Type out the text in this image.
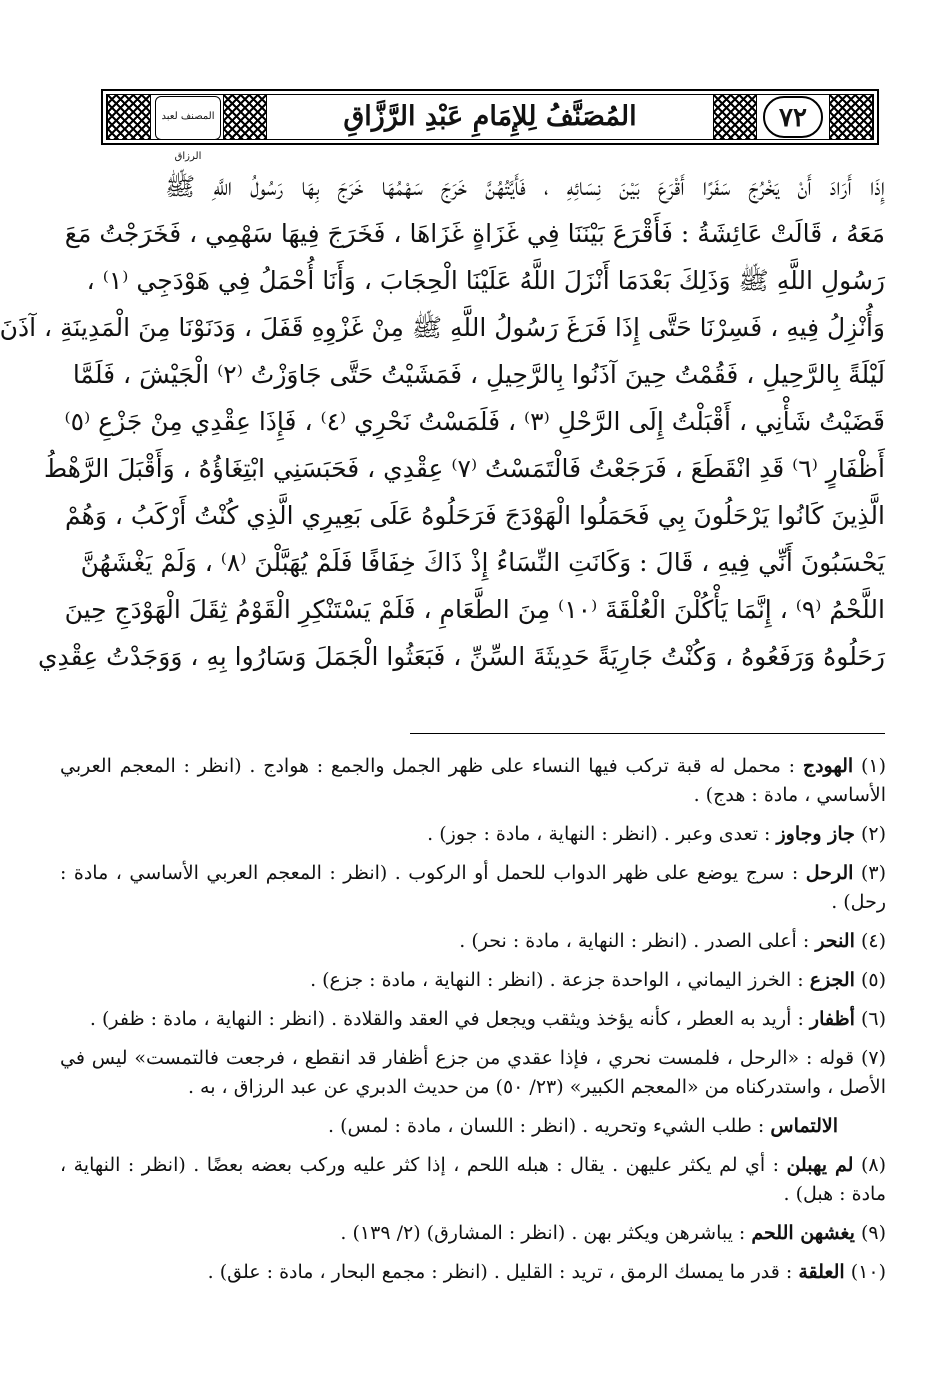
المصنف لعبد الرزاق
المُصَنَّفُ لِلإِمَامِ عَبْدِ الرَّزَّاقِ	٧٢
إِذَا أَرَادَ أَنْ يَخْرُجَ سَفَرًا أَقْرَعَ بَيْنَ نِسَائِهِ ، فَأَيَّتُهُنَّ خَرَجَ سَهْمُهَا خَرَجَ بِهَا رَسُولُ اللَّهِ ﷺ
مَعَهُ ، قَالَتْ عَائِشَةُ : فَأَقْرَعَ بَيْنَنَا فِي غَزَاةٍ غَزَاهَا ، فَخَرَجَ فِيهَا سَهْمِي ، فَخَرَجْتُ مَعَ
رَسُولِ اللَّهِ ﷺ وَذَلِكَ بَعْدَمَا أَنْزَلَ اللَّهُ عَلَيْنَا الْحِجَابَ ، وَأَنَا أُحْمَلُ فِي هَوْدَجِي ⁽١⁾ ،
وَأُنْزِلُ فِيهِ ، فَسِرْنَا حَتَّى إِذَا فَرَغَ رَسُولُ اللَّهِ ﷺ مِنْ غَزْوِهِ قَفَلَ ، وَدَنَوْنَا مِنَ الْمَدِينَةِ ، آذَنَ
لَيْلَةً بِالرَّحِيلِ ، فَقُمْتُ حِينَ آذَنُوا بِالرَّحِيلِ ، فَمَشَيْتُ حَتَّى جَاوَزْتُ ⁽٢⁾ الْجَيْشَ ، فَلَمَّا
قَضَيْتُ شَأْنِي ، أَقْبَلْتُ إِلَى الرَّحْلِ ⁽٣⁾ ، فَلَمَسْتُ نَحْرِي ⁽٤⁾ ، فَإِذَا عِقْدِي مِنْ جَزْعِ ⁽٥⁾
أَظْفَارٍ ⁽٦⁾ قَدِ انْقَطَعَ ، فَرَجَعْتُ فَالْتَمَسْتُ ⁽٧⁾ عِقْدِي ، فَحَبَسَنِي ابْتِغَاؤُهُ ، وَأَقْبَلَ الرَّهْطُ
الَّذِينَ كَانُوا يَرْحَلُونَ بِي فَحَمَلُوا الْهَوْدَجَ فَرَحَلُوهُ عَلَى بَعِيرِي الَّذِي كُنْتُ أَرْكَبُ ، وَهُمْ
يَحْسَبُونَ أَنِّي فِيهِ ، قَالَ : وَكَانَتِ النِّسَاءُ إِذْ ذَاكَ خِفَافًا فَلَمْ يُهَبَّلْنَ ⁽٨⁾ ، وَلَمْ يَغْشَهُنَّ
اللَّحْمُ ⁽٩⁾ ، إِنَّمَا يَأْكُلْنَ الْعُلْقَةَ ⁽١٠⁾ مِنَ الطَّعَامِ ، فَلَمْ يَسْتَنْكِرِ الْقَوْمُ ثِقَلَ الْهَوْدَجِ حِينَ
رَحَلُوهُ وَرَفَعُوهُ ، وَكُنْتُ جَارِيَةً حَدِيثَةَ السِّنِّ ، فَبَعَثُوا الْجَمَلَ وَسَارُوا بِهِ ، وَوَجَدْتُ عِقْدِي
(١) الهودج : محمل له قبة تركب فيها النساء على ظهر الجمل والجمع : هوادج . (انظر : المعجم العربي الأساسي ، مادة : هدج) .
(٢) جاز وجاوز : تعدى وعبر . (انظر : النهاية ، مادة : جوز) .
(٣) الرحل : سرج يوضع على ظهر الدواب للحمل أو الركوب . (انظر : المعجم العربي الأساسي ، مادة : رحل) .
(٤) النحر : أعلى الصدر . (انظر : النهاية ، مادة : نحر) .
(٥) الجزع : الخرز اليماني ، الواحدة جزعة . (انظر : النهاية ، مادة : جزع) .
(٦) أظفار : أريد به العطر ، كأنه يؤخذ ويثقب ويجعل في العقد والقلادة . (انظر : النهاية ، مادة : ظفر) .
(٧) قوله : «الرحل ، فلمست نحري ، فإذا عقدي من جزع أظفار قد انقطع ، فرجعت فالتمست» ليس في الأصل ، واستدركناه من «المعجم الكبير» (٢٣/ ٥٠) من حديث الدبري عن عبد الرزاق ، به .
الالتماس : طلب الشيء وتحريه . (انظر : اللسان ، مادة : لمس) .
(٨) لم يهبلن : أي لم يكثر عليهن . يقال : هبله اللحم ، إذا كثر عليه وركب بعضه بعضًا . (انظر : النهاية ، مادة : هبل) .
(٩) يغشهن اللحم : يباشرهن ويكثر بهن . (انظر : المشارق) (٢/ ١٣٩) .
(١٠) العلقة : قدر ما يمسك الرمق ، تريد : القليل . (انظر : مجمع البحار ، مادة : علق) .
